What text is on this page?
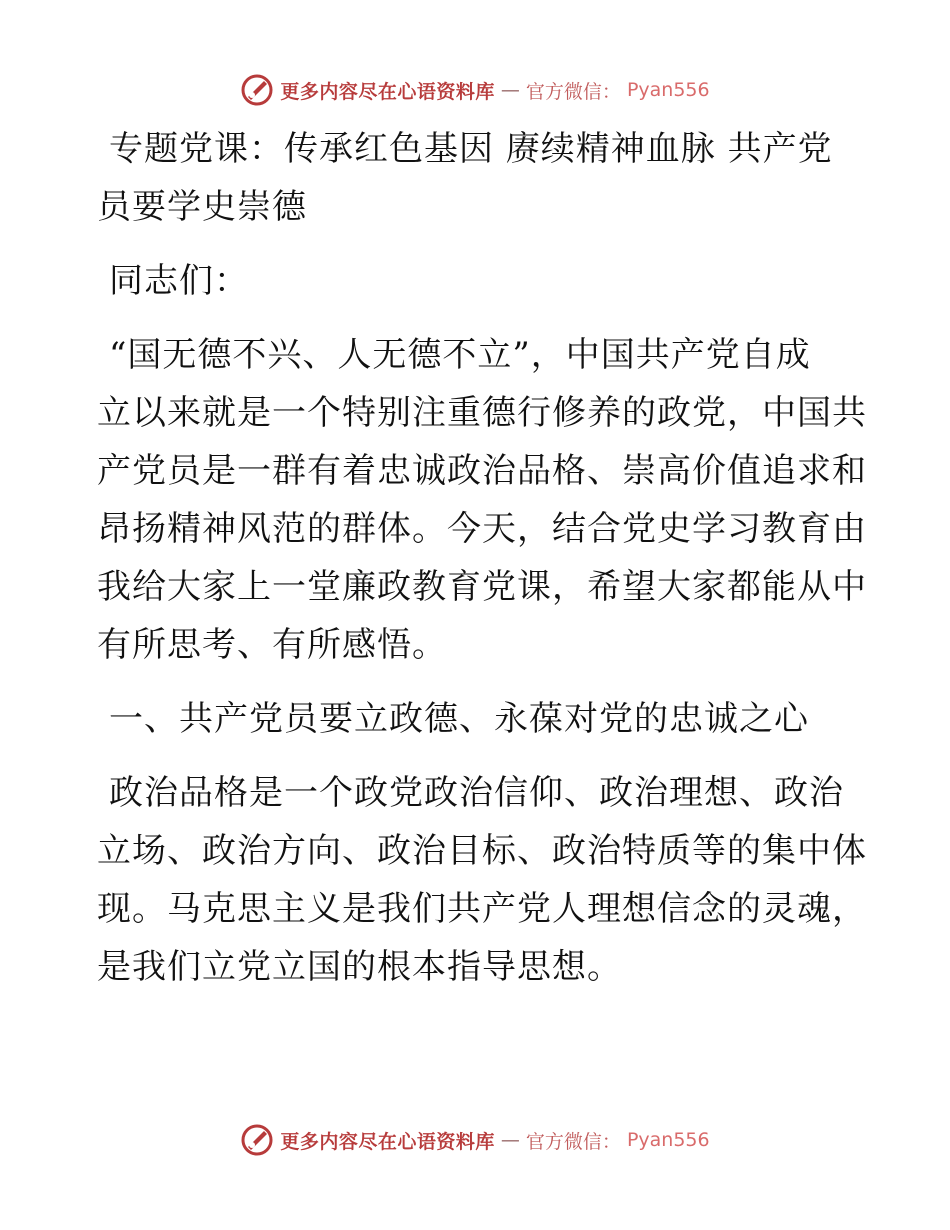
更多内容尽在心语资料库 — 官方微信： Pyan556
专题党课：传承红色基因 赓续精神血脉 共产党
员要学史崇德
同志们：
“国无德不兴、人无德不立”，中国共产党自成
立以来就是一个特别注重德行修养的政党，中国共
产党员是一群有着忠诚政治品格、崇高价值追求和
昂扬精神风范的群体。今天，结合党史学习教育由
我给大家上一堂廉政教育党课，希望大家都能从中
有所思考、有所感悟。
一、共产党员要立政德、永葆对党的忠诚之心
政治品格是一个政党政治信仰、政治理想、政治
立场、政治方向、政治目标、政治特质等的集中体
现。马克思主义是我们共产党人理想信念的灵魂，
是我们立党立国的根本指导思想。
更多内容尽在心语资料库 — 官方微信： Pyan556
